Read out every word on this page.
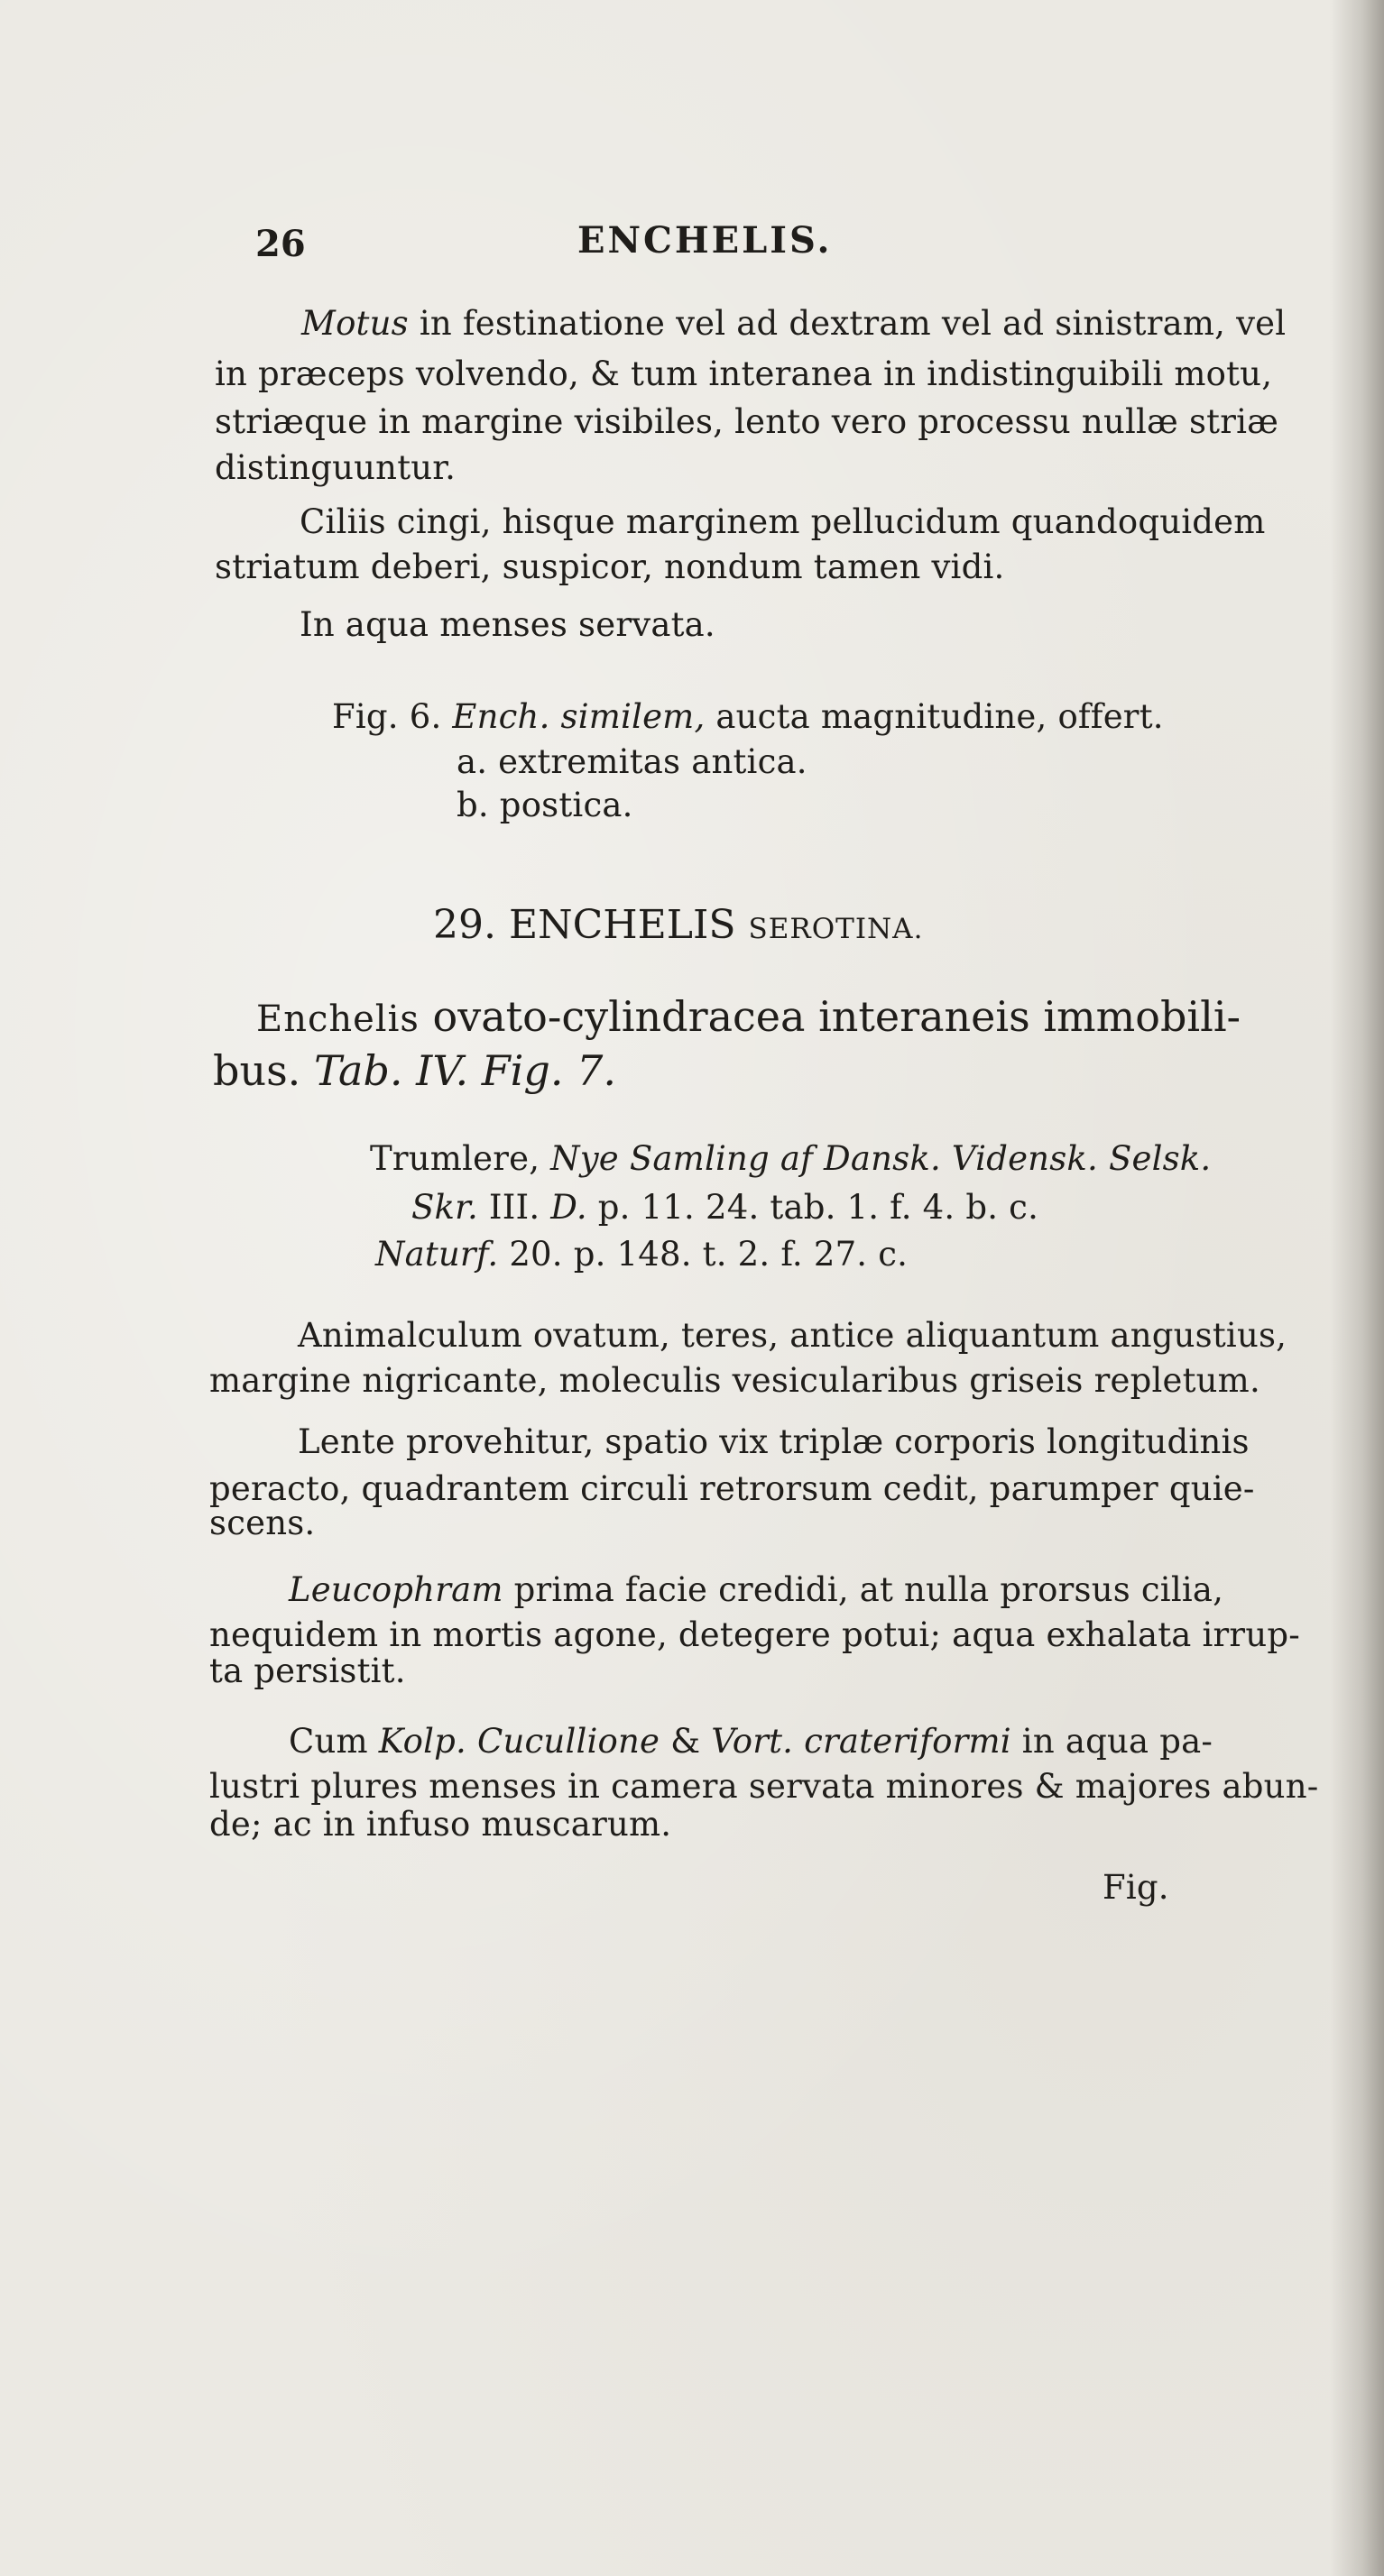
26	ENCHELIS.
Motus in festinatione vel ad dextram vel ad sinistram, vel
in præceps volvendo, & tum interanea in indistinguibili motu,
striæque in margine visibiles, lento vero processu nullæ striæ
distinguuntur.
Ciliis cingi, hisque marginem pellucidum quandoquidem
striatum deberi, suspicor, nondum tamen vidi.
In aqua menses servata.
Fig. 6. Ench. similem, aucta magnitudine, offert.
a. extremitas antica.
b. postica.
29. ENCHELIS SEROTINA.
Enchelis ovato-cylindracea interaneis immobili-
bus. Tab. IV. Fig. 7.
Trumlere, Nye Samling af Dansk. Vidensk. Selsk.
Skr. III. D. p. 11. 24. tab. 1. f. 4. b. c.
Naturf. 20. p. 148. t. 2. f. 27. c.
Animalculum ovatum, teres, antice aliquantum angustius,
margine nigricante, moleculis vesicularibus griseis repletum.
Lente provehitur, spatio vix triplæ corporis longitudinis
peracto, quadrantem circuli retrorsum cedit, parumper quie-
scens.
Leucophram prima facie credidi, at nulla prorsus cilia,
nequidem in mortis agone, detegere potui; aqua exhalata irrup-
ta persistit.
Cum Kolp. Cucullione & Vort. crateriformi in aqua pa-
lustri plures menses in camera servata minores & majores abun-
de; ac in infuso muscarum.
Fig.
